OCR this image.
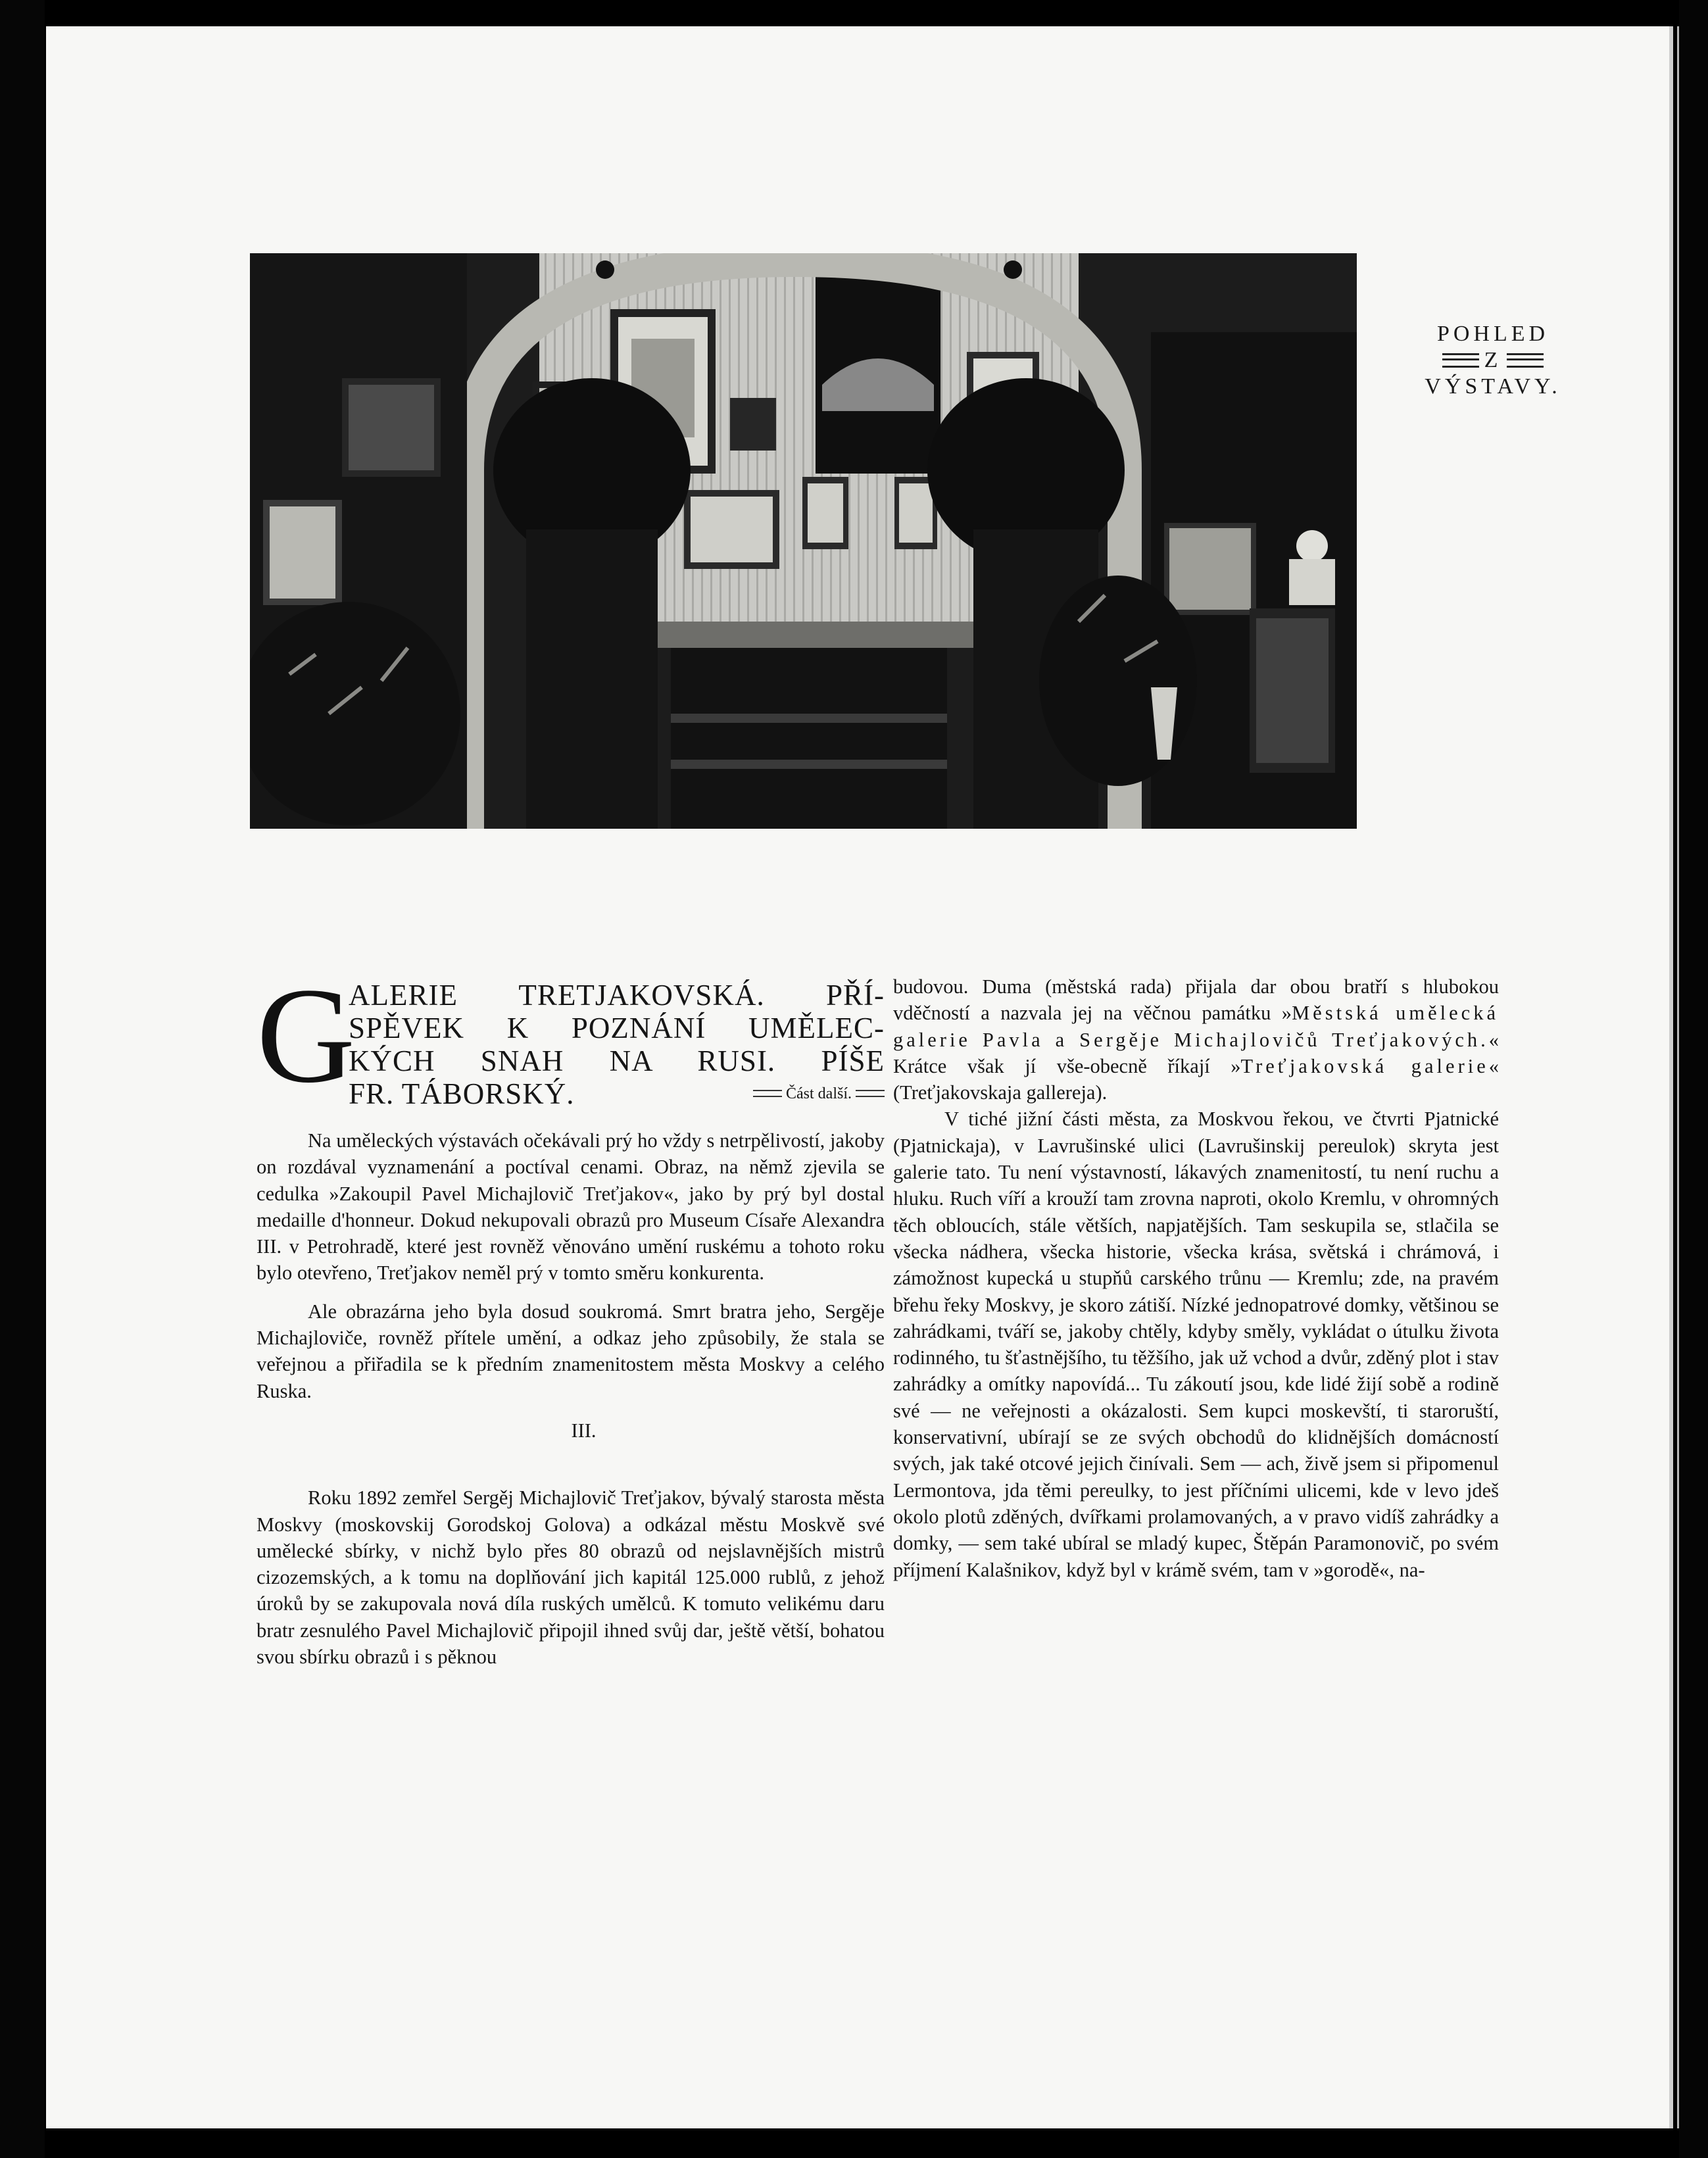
POHLED
Z
VÝSTAVY.
G
ALERIE TRETJAKOVSKÁ. PŘÍ-
SPĚVEK K POZNÁNÍ UMĚLEC-
KÝCH SNAH NA RUSI. PÍŠE
FR. TÁBORSKÝ.	Část další.

Na uměleckých výstavách očekávali prý ho vždy s netrpělivostí, jakoby on rozdával vyznamenání a poctíval cenami. Obraz, na němž zjevila se cedulka »Zakoupil Pavel Michajlovič Treťjakov«, jako by prý byl dostal medaille d'honneur. Dokud nekupovali obrazů pro Museum Císaře Alexandra III. v Petrohradě, které jest rovněž věnováno umění ruskému a tohoto roku bylo otevřeno, Treťjakov neměl prý v tomto směru konkurenta.

Ale obrazárna jeho byla dosud soukromá. Smrt bratra jeho, Sergěje Michajloviče, rovněž přítele umění, a odkaz jeho způsobily, že stala se veřejnou a přiřadila se k předním znamenitostem města Moskvy a celého Ruska.

III.

Roku 1892 zemřel Sergěj Michajlovič Treťjakov, bývalý starosta města Moskvy (moskovskij Gorodskoj Golova) a odkázal městu Moskvě své umělecké sbírky, v nichž bylo přes 80 obrazů od nejslavnějších mistrů cizozemských, a k tomu na doplňování jich kapitál 125.000 rublů, z jehož úroků by se zakupovala nová díla ruských umělců. K tomuto velikému daru bratr zesnulého Pavel Michajlovič připojil ihned svůj dar, ještě větší, bohatou svou sbírku obrazů i s pěknou

budovou. Duma (městská rada) přijala dar obou bratří s hlubokou vděčností a nazvala jej na věčnou památku »Městská umělecká galerie Pavla a Sergěje Michajlovičů Treťjakových.« Krátce však jí vše-obecně říkají »Treťjakovská galerie« (Treťjakovskaja gallereja).

V tiché jižní části města, za Moskvou řekou, ve čtvrti Pjatnické (Pjatnickaja), v Lavrušinské ulici (Lavrušinskij pereulok) skryta jest galerie tato. Tu není výstavností, lákavých znamenitostí, tu není ruchu a hluku. Ruch víří a krouží tam zrovna naproti, okolo Kremlu, v ohromných těch obloucích, stále větších, napjatějších. Tam seskupila se, stlačila se všecka nádhera, všecka historie, všecka krása, světská i chrámová, i zámožnost kupecká u stupňů carského trůnu — Kremlu; zde, na pravém břehu řeky Moskvy, je skoro zátiší. Nízké jednopatrové domky, většinou se zahrádkami, tváří se, jakoby chtěly, kdyby směly, vykládat o útulku života rodinného, tu šťastnějšího, tu těžšího, jak už vchod a dvůr, zděný plot i stav zahrádky a omítky napovídá... Tu zákoutí jsou, kde lidé žijí sobě a rodině své — ne veřejnosti a okázalosti. Sem kupci moskevští, ti staroruští, konservativní, ubírají se ze svých obchodů do klidnějších domácností svých, jak také otcové jejich činívali. Sem — ach, živě jsem si připomenul Lermontova, jda těmi pereulky, to jest příčními ulicemi, kde v levo jdeš okolo plotů zděných, dvířkami prolamovaných, a v pravo vidíš zahrádky a domky, — sem také ubíral se mladý kupec, Štěpán Paramonovič, po svém příjmení Kalašnikov, když byl v krámě svém, tam v »gorodě«, na-
